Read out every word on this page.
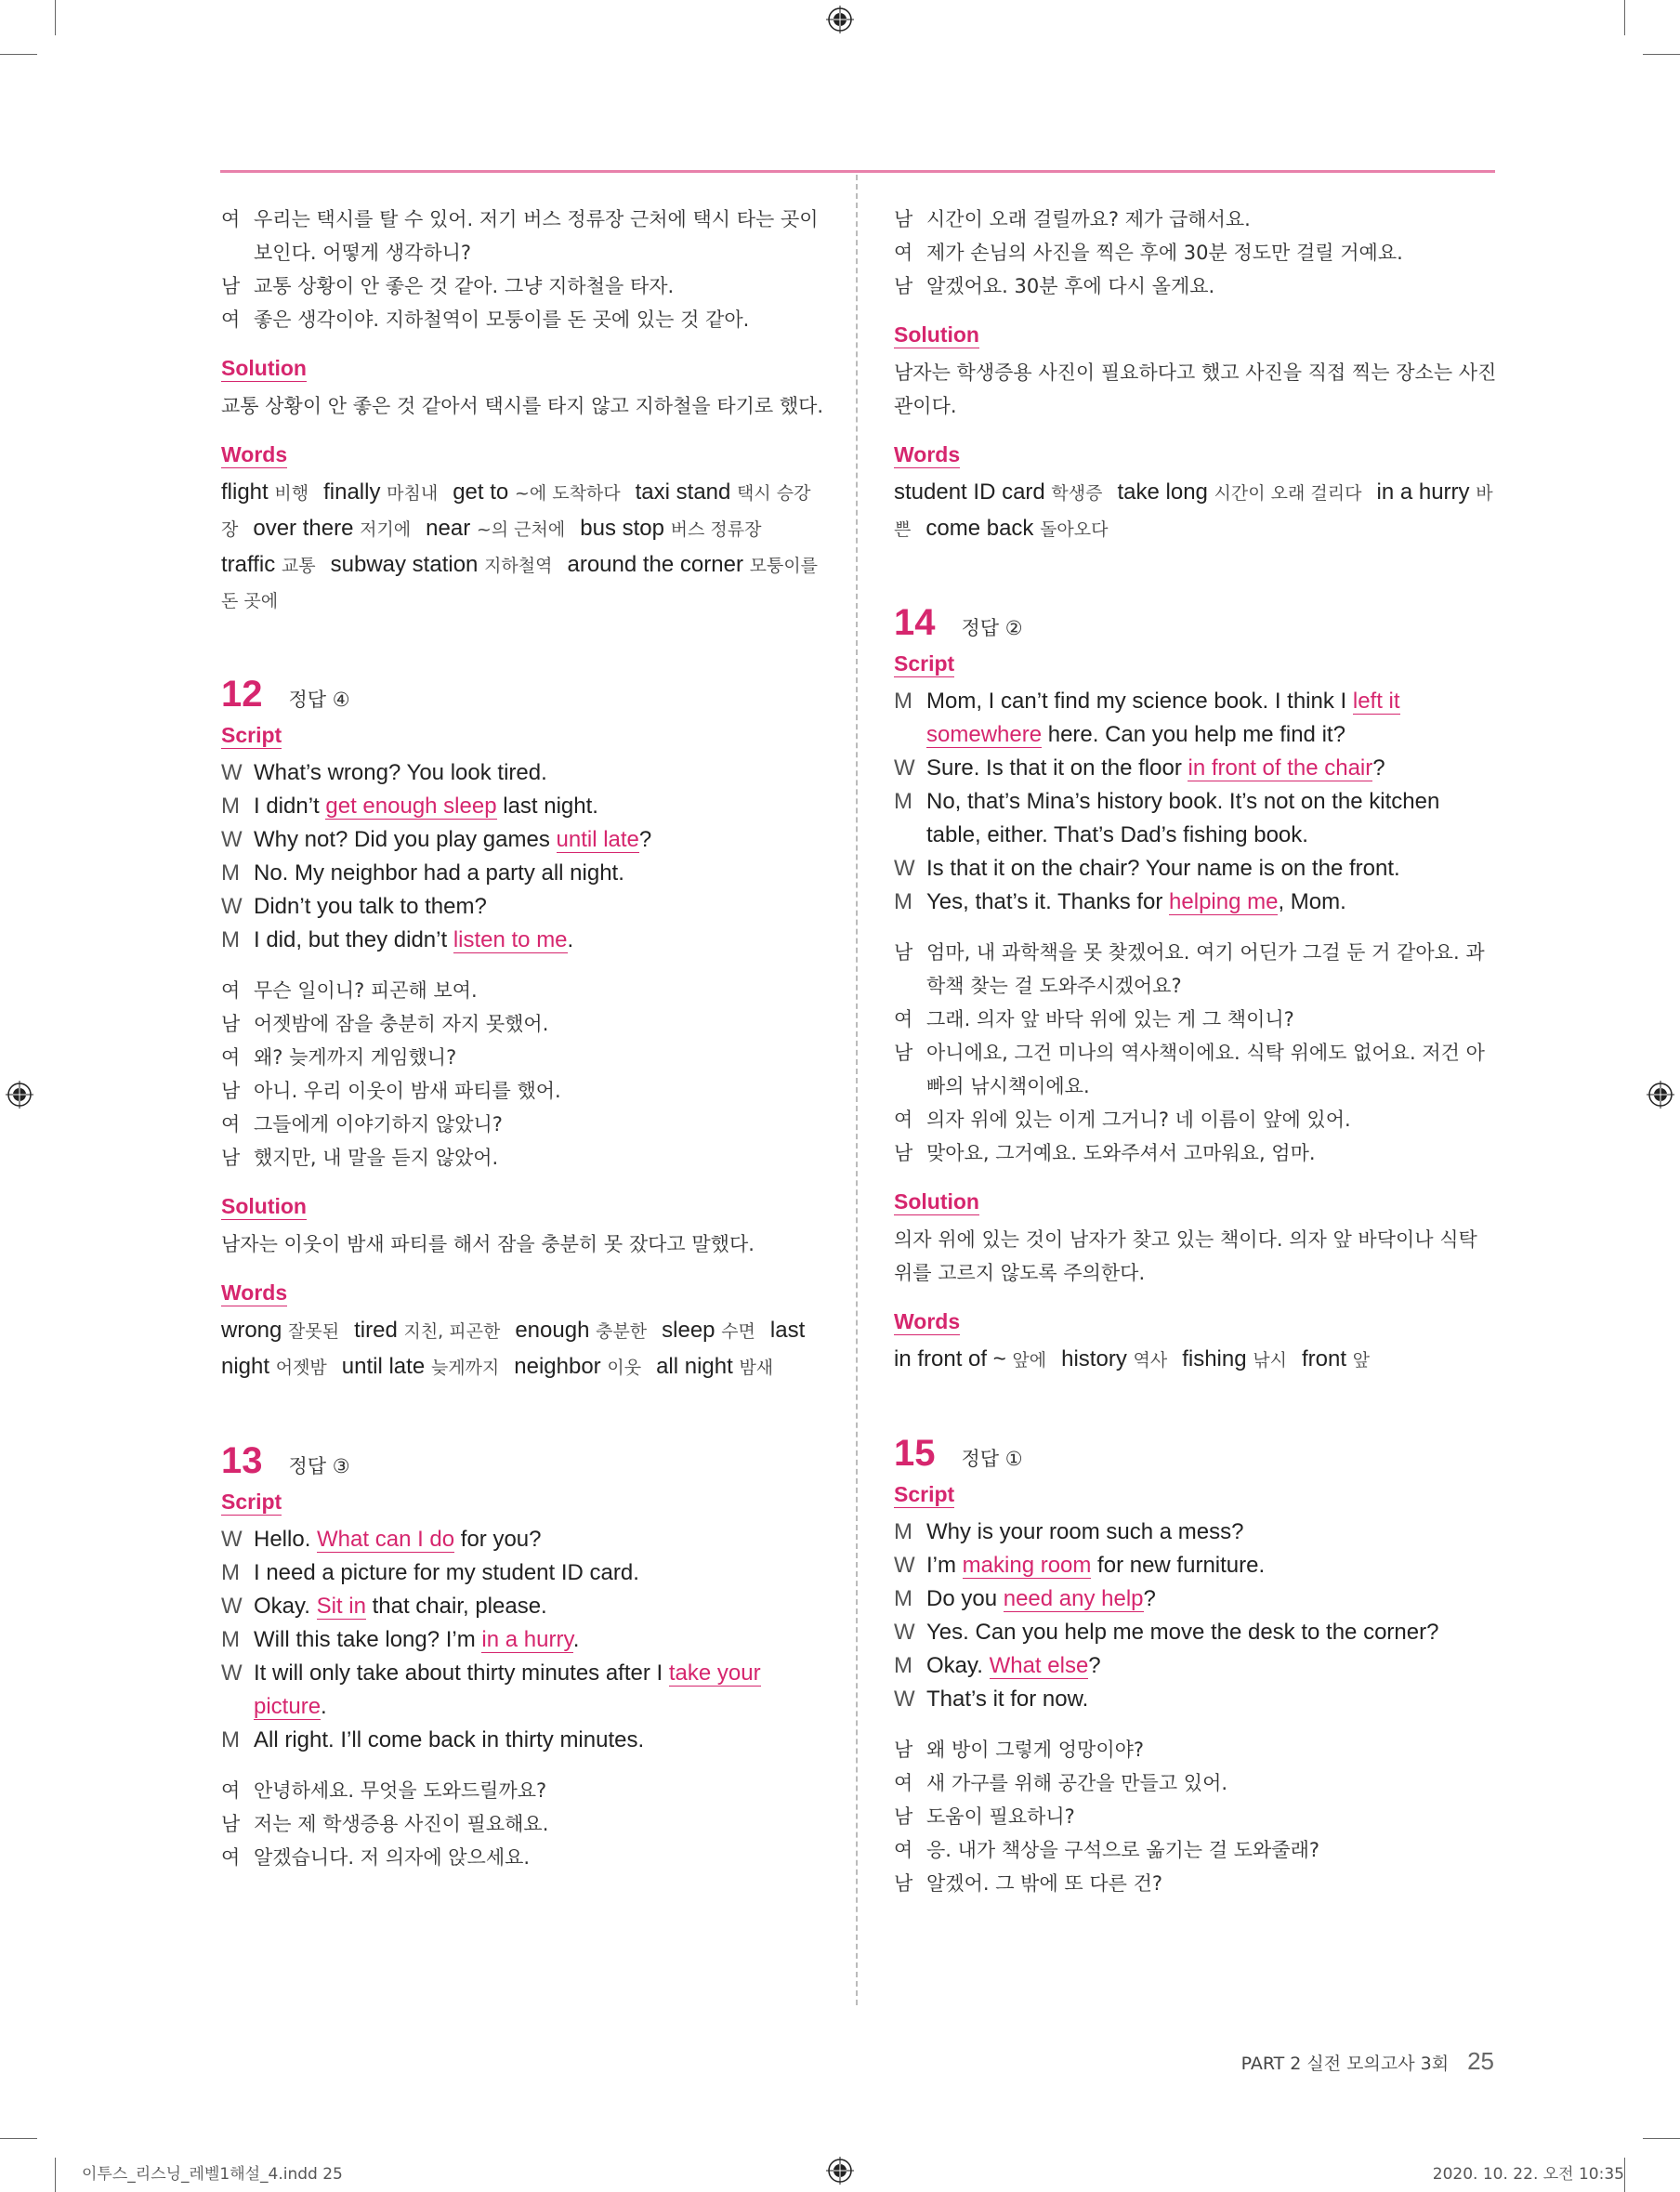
여 우리는 택시를 탈 수 있어. 저기 버스 정류장 근처에 택시 타는 곳이 보인다. 어떻게 생각하니?
남 교통 상황이 안 좋은 것 같아. 그냥 지하철을 타자.
여 좋은 생각이야. 지하철역이 모퉁이를 돈 곳에 있는 것 같아.
Solution
교통 상황이 안 좋은 것 같아서 택시를 타지 않고 지하철을 타기로 했다.
Words
flight 비행  finally 마침내  get to ~에 도착하다  taxi stand 택시 승강장  over there 저기에  near ~의 근처에  bus stop 버스 정류장 traffic 교통  subway station 지하철역  around the corner 모퉁이를 돈 곳에 
12 정답 ④
Script
W What’s wrong? You look tired.
M I didn’t get enough sleep last night.
W Why not? Did you play games until late?
M No. My neighbor had a party all night.
W Didn’t you talk to them?
M I did, but they didn’t listen to me.
여 무슨 일이니? 피곤해 보여.
남 어젯밤에 잠을 충분히 자지 못했어.
여 왜? 늦게까지 게임했니?
남 아니. 우리 이웃이 밤새 파티를 했어.
여 그들에게 이야기하지 않았니?
남 했지만, 내 말을 듣지 않았어.
Solution
남자는 이웃이 밤새 파티를 해서 잠을 충분히 못 잤다고 말했다.
Words
wrong 잘못된  tired 지친, 피곤한  enough 충분한  sleep 수면  last night 어젯밤  until late 늦게까지  neighbor 이웃  all night 밤새 
13 정답 ③
Script
W Hello. What can I do for you?
M I need a picture for my student ID card.
W Okay. Sit in that chair, please.
M Will this take long? I’m in a hurry.
W It will only take about thirty minutes after I take your picture.
M All right. I’ll come back in thirty minutes.
여 안녕하세요. 무엇을 도와드릴까요?
남 저는 제 학생증용 사진이 필요해요.
여 알겠습니다. 저 의자에 앉으세요.
남 시간이 오래 걸릴까요? 제가 급해서요.
여 제가 손님의 사진을 찍은 후에 30분 정도만 걸릴 거예요.
남 알겠어요. 30분 후에 다시 올게요.
Solution
남자는 학생증용 사진이 필요하다고 했고 사진을 직접 찍는 장소는 사진관이다.
Words
student ID card 학생증  take long 시간이 오래 걸리다  in a hurry 바쁜  come back 돌아오다 
14 정답 ②
Script
M Mom, I can’t find my science book. I think I left it somewhere here. Can you help me find it?
W Sure. Is that it on the floor in front of the chair?
M No, that’s Mina’s history book. It’s not on the kitchen table, either. That’s Dad’s fishing book.
W Is that it on the chair? Your name is on the front.
M Yes, that’s it. Thanks for helping me, Mom.
남 엄마, 내 과학책을 못 찾겠어요. 여기 어딘가 그걸 둔 거 같아요. 과학책 찾는 걸 도와주시겠어요?
여 그래. 의자 앞 바닥 위에 있는 게 그 책이니?
남 아니에요, 그건 미나의 역사책이에요. 식탁 위에도 없어요. 저건 아빠의 낚시책이에요.
여 의자 위에 있는 이게 그거니? 네 이름이 앞에 있어.
남 맞아요, 그거예요. 도와주셔서 고마워요, 엄마.
Solution
의자 위에 있는 것이 남자가 찾고 있는 책이다. 의자 앞 바닥이나 식탁 위를 고르지 않도록 주의한다.
Words
in front of ~ 앞에  history 역사  fishing 낚시  front 앞 
15 정답 ①
Script
M Why is your room such a mess?
W I’m making room for new furniture.
M Do you need any help?
W Yes. Can you help me move the desk to the corner?
M Okay. What else?
W That’s it for now.
남 왜 방이 그렇게 엉망이야?
여 새 가구를 위해 공간을 만들고 있어.
남 도움이 필요하니?
여 응. 내가 책상을 구석으로 옮기는 걸 도와줄래?
남 알겠어. 그 밖에 또 다른 건?
PART 2 실전 모의고사 3회 25
이투스_리스닝_레벨1해설_4.indd 25	2020. 10. 22. 오전 10:35
